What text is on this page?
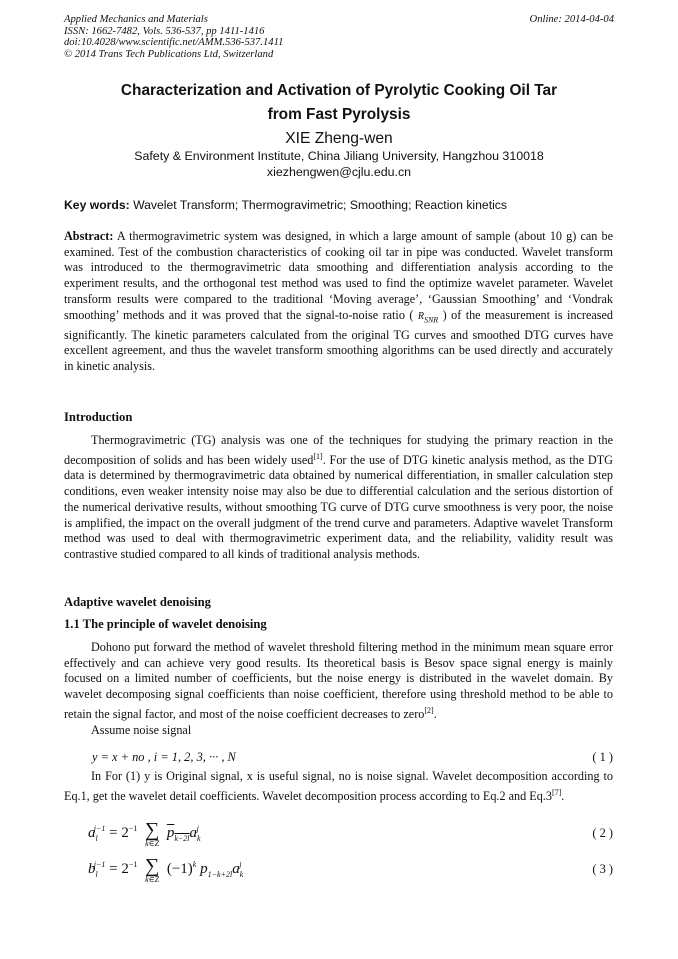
Applied Mechanics and Materials
ISSN: 1662-7482, Vols. 536-537, pp 1411-1416
doi:10.4028/www.scientific.net/AMM.536-537.1411
© 2014 Trans Tech Publications Ltd, Switzerland
Online: 2014-04-04
Characterization and Activation of Pyrolytic Cooking Oil Tar
from Fast Pyrolysis
XIE Zheng-wen
Safety & Environment Institute, China Jiliang University, Hangzhou 310018
xiezhengwen@cjlu.edu.cn
Key words: Wavelet Transform; Thermogravimetric; Smoothing; Reaction kinetics

Abstract: A thermogravimetric system was designed, in which a large amount of sample (about 10 g) can be examined. Test of the combustion characteristics of cooking oil tar in pipe was conducted. Wavelet transform was introduced to the thermogravimetric data smoothing and differentiation analysis according to the experiment results, and the orthogonal test method was used to find the optimize wavelet parameter. Wavelet transform results were compared to the traditional ‘Moving average’, ‘Gaussian Smoothing’ and ‘Vondrak smoothing’ methods and it was proved that the signal-to-noise ratio ( $R_{SNR}$ ) of the measurement is increased significantly. The kinetic parameters calculated from the original TG curves and smoothed DTG curves have excellent agreement, and thus the wavelet transform smoothing algorithms can be used directly and accurately in kinetic analysis.

Introduction

Thermogravimetric (TG) analysis was one of the techniques for studying the primary reaction in the decomposition of solids and has been widely used[1]. For the use of DTG kinetic analysis method, as the DTG data is determined by thermogravimetric data obtained by numerical differentiation, in smaller calculation step conditions, even weaker intensity noise may also be due to differential calculation and the serious distortion of the numerical derivative results, without smoothing TG curve of DTG curve smoothness is very poor, the noise is amplified, the impact on the overall judgment of the trend curve and parameters. Adaptive wavelet Transform method was used to deal with thermogravimetric experiment data, and the reliability, validity result was contrastive studied compared to all kinds of traditional analysis methods.

Adaptive wavelet denoising
1.1 The principle of wavelet denoising

Dohono put forward the method of wavelet threshold filtering method in the minimum mean square error effectively and can achieve very good results. Its theoretical basis is Besov space signal energy is mainly focused on a limited number of coefficients, but the noise energy is distributed in the wavelet domain. By wavelet decomposing signal coefficients than noise coefficient, therefore using threshold method to be able to retain the signal factor, and most of the noise coefficient decreases to zero[2].

Assume noise signal

y = x + no , i = 1, 2, 3, ··· , N	( 1 )

In For (1) y is Original signal, x is useful signal, no is noise signal. Wavelet decomposition according to Eq.1, get the wavelet detail coefficients. Wavelet decomposition process according to Eq.2 and Eq.3[7].

$a_l^{j-1} = 2^{-1}$ ∑
k∈Z
$p_{k-2l}a_k^j$	( 2 )
$b_l^{j-1} = 2^{-1}$ ∑
k∈Z
$(-1)^k$ $p_{1-k+2l}a_k^j$	( 3 )
